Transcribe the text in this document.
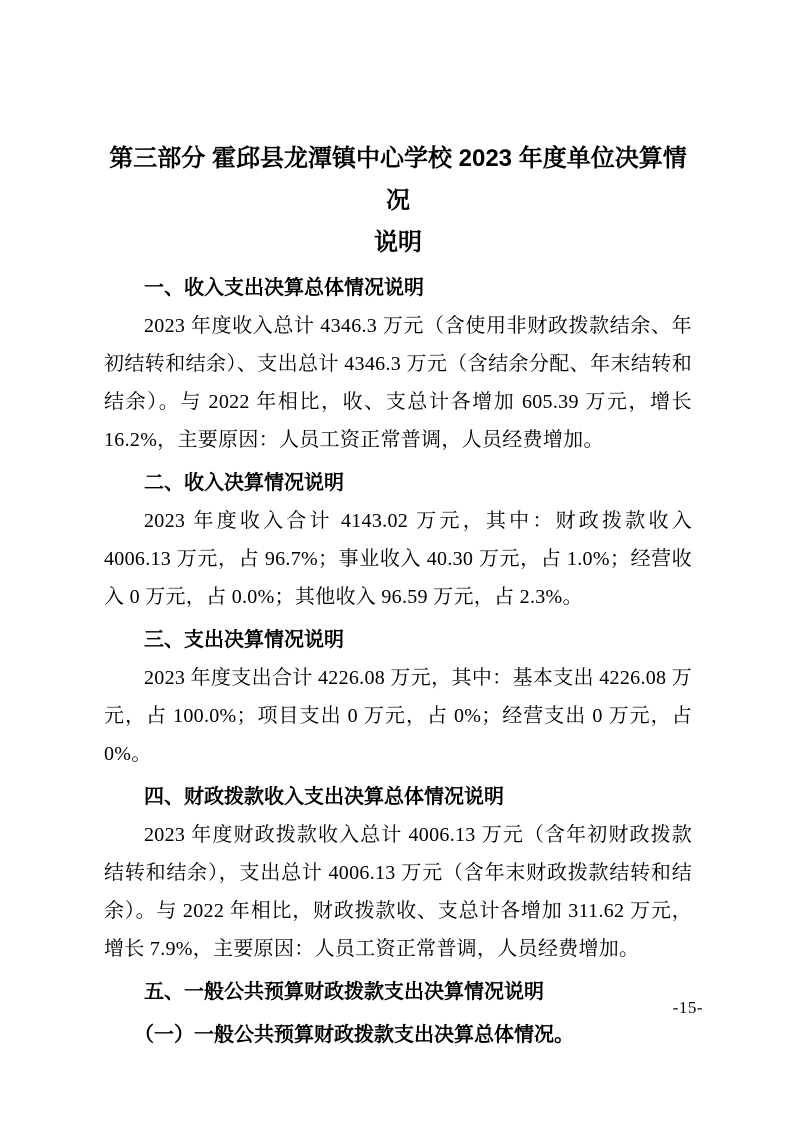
第三部分 霍邱县龙潭镇中心学校 2023 年度单位决算情况
说明
一、收入支出决算总体情况说明

2023 年度收入总计 4346.3 万元（含使用非财政拨款结余、年初结转和结余）、支出总计 4346.3 万元（含结余分配、年末结转和结余）。与 2022 年相比，收、支总计各增加 605.39 万元，增长 16.2%，主要原因：人员工资正常普调，人员经费增加。

二、收入决算情况说明

2023 年度收入合计 4143.02 万元，其中：财政拨款收入 4006.13 万元，占 96.7%；事业收入 40.30 万元，占 1.0%；经营收入 0 万元，占 0.0%；其他收入 96.59 万元，占 2.3%。

三、支出决算情况说明

2023 年度支出合计 4226.08 万元，其中：基本支出 4226.08 万元，占 100.0%；项目支出 0 万元，占 0%；经营支出 0 万元，占 0%。

四、财政拨款收入支出决算总体情况说明

2023 年度财政拨款收入总计 4006.13 万元（含年初财政拨款结转和结余），支出总计 4006.13 万元（含年末财政拨款结转和结余）。与 2022 年相比，财政拨款收、支总计各增加 311.62 万元，增长 7.9%，主要原因：人员工资正常普调，人员经费增加。

五、一般公共预算财政拨款支出决算情况说明
（一）一般公共预算财政拨款支出决算总体情况。
-15-
